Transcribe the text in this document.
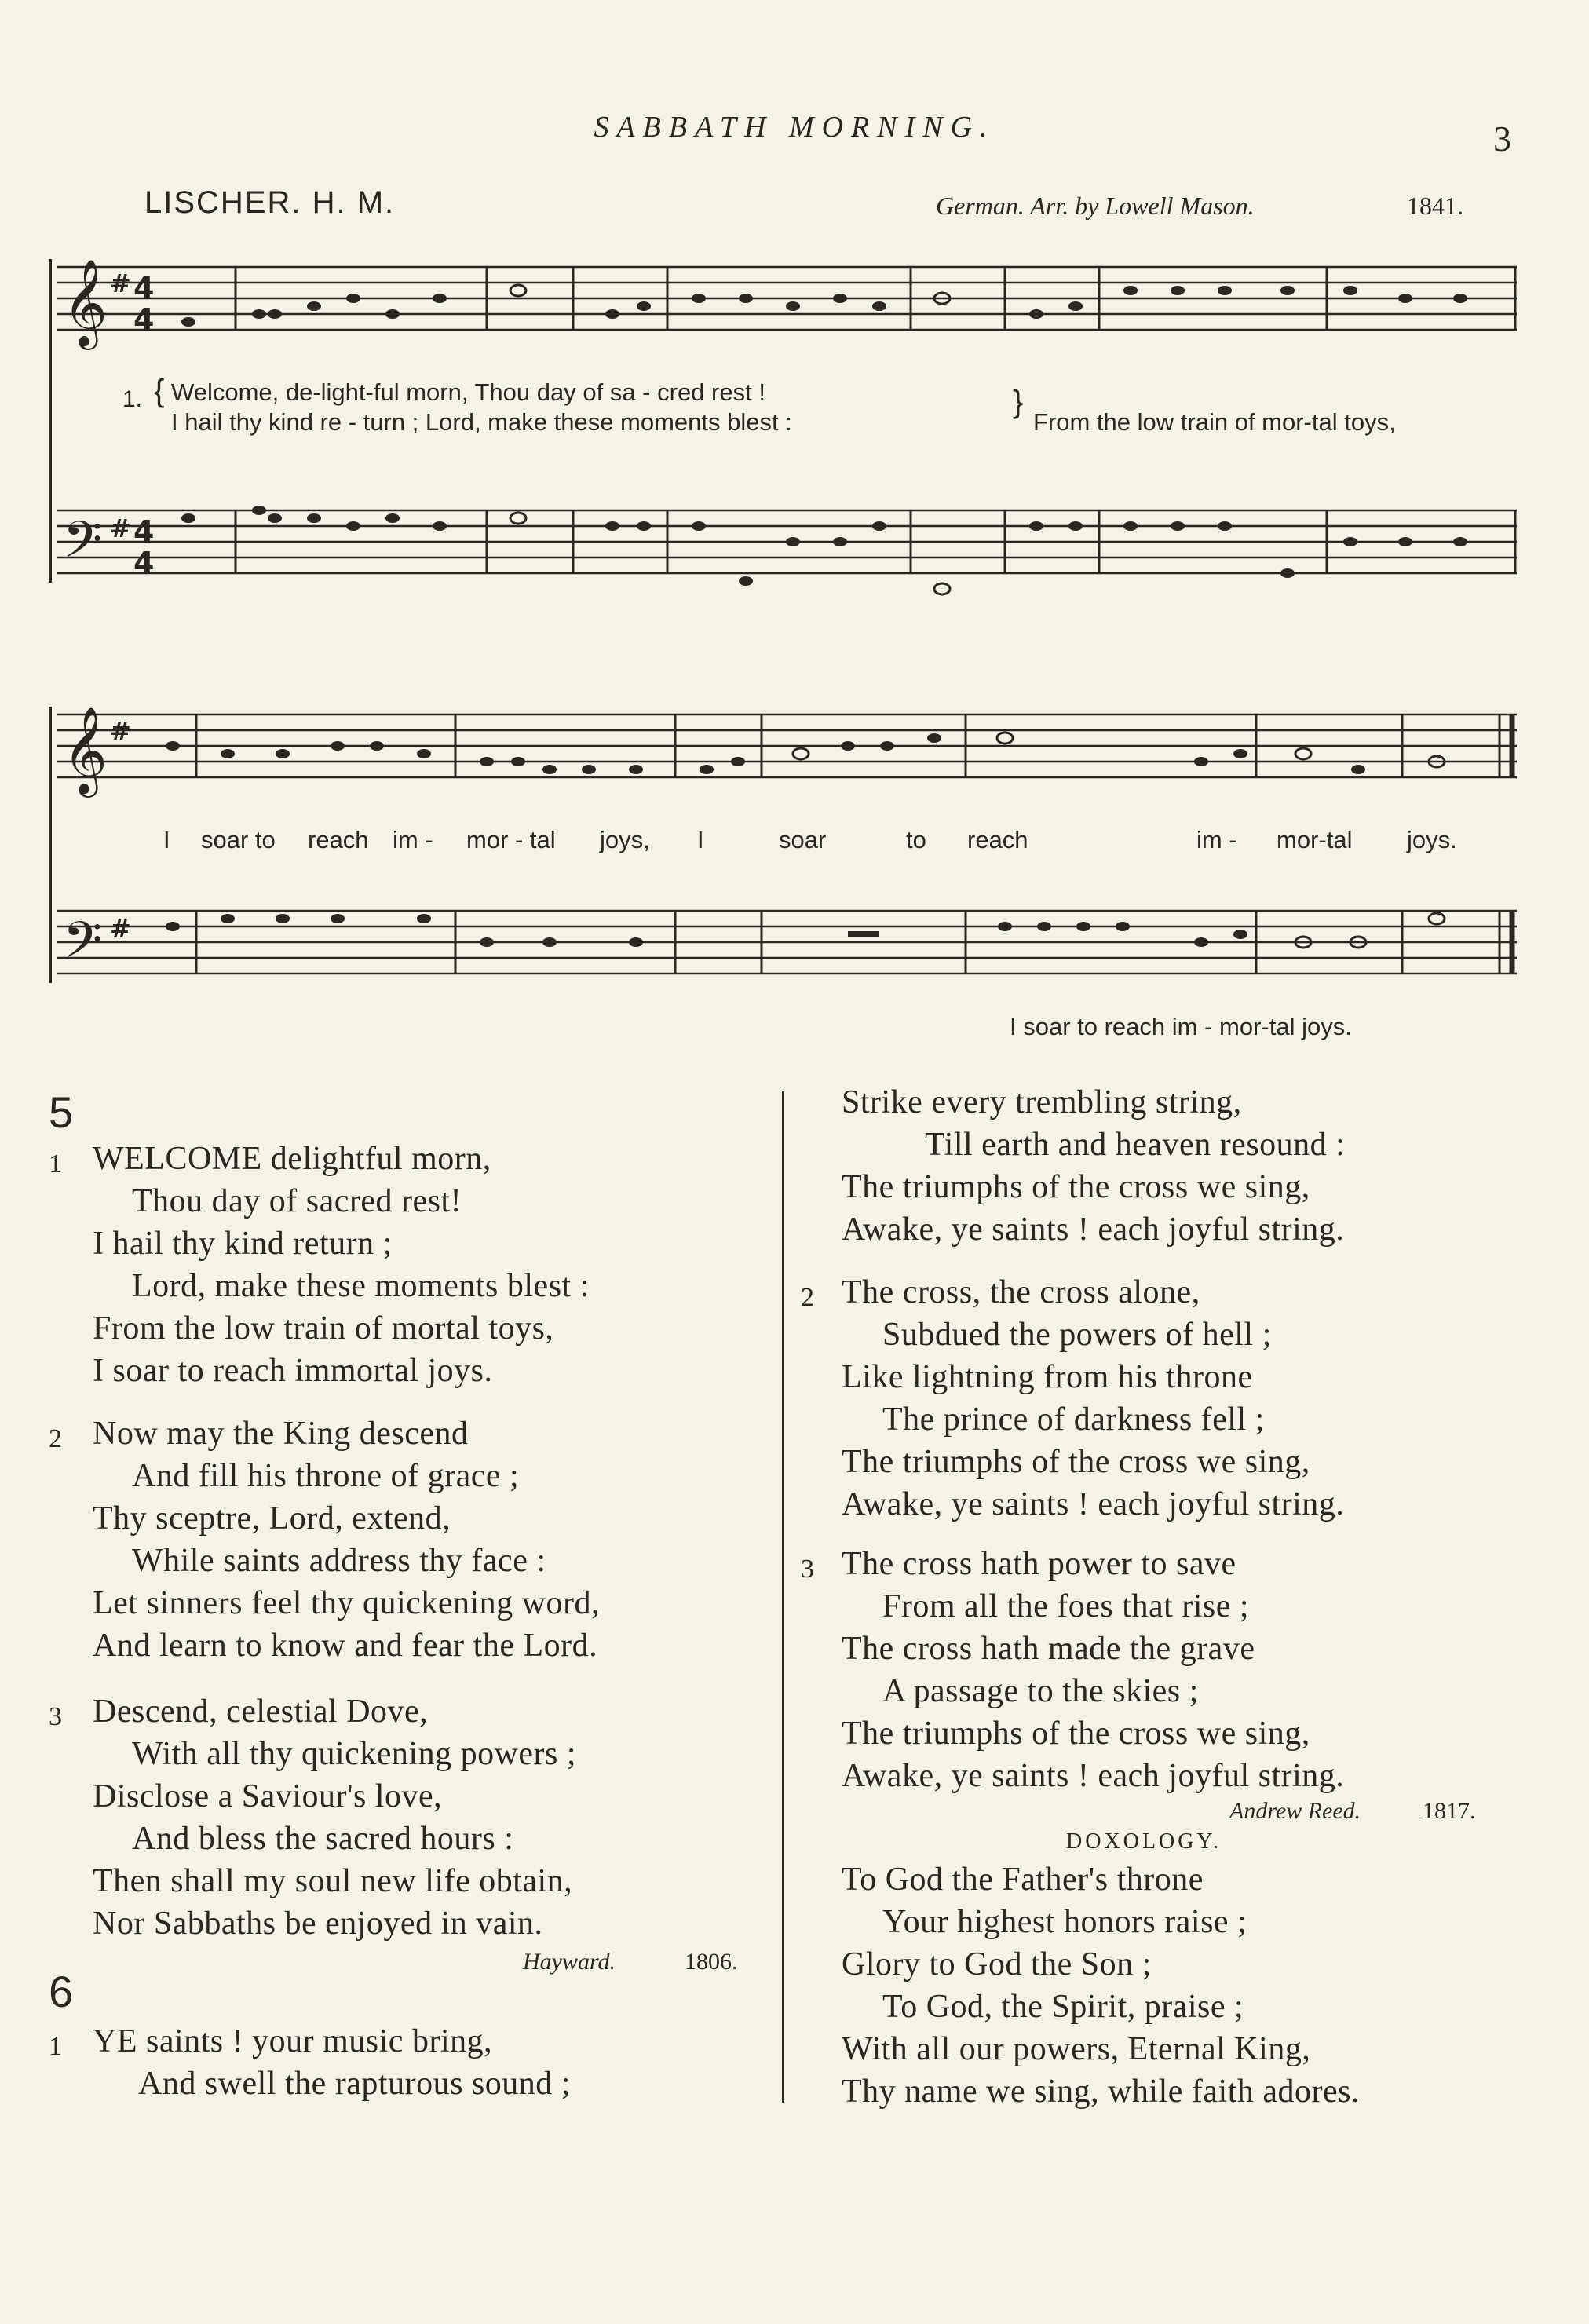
SABBATH MORNING.	3
LISCHER. H. M.	German. Arr. by Lowell Mason.	1841.
𝄞
𝄢
#
#
4
4
4
4
1. { Welcome, de-light-ful morn, Thou day of sa - cred rest !
I hail thy kind re - turn ; Lord, make these moments blest :
}
From the low train of mor-tal toys,
𝄞
𝄢
#
#
I soar to reach im - mor - tal joys, I	soar	to reach	im - mor-tal joys.
I soar to reach im - mor-tal joys.
5
1 WELCOME delightful morn,
Thou day of sacred rest!
I hail thy kind return ;
Lord, make these moments blest :
From the low train of mortal toys,
I soar to reach immortal joys.
2 Now may the King descend
And fill his throne of grace ;
Thy sceptre, Lord, extend,
While saints address thy face :
Let sinners feel thy quickening word,
And learn to know and fear the Lord.
3 Descend, celestial Dove,
With all thy quickening powers ;
Disclose a Saviour's love,
And bless the sacred hours :
Then shall my soul new life obtain,
Nor Sabbaths be enjoyed in vain.
Hayward.	1806.
6
1 YE saints ! your music bring,
And swell the rapturous sound ;
Strike every trembling string,
Till earth and heaven resound :
The triumphs of the cross we sing,
Awake, ye saints ! each joyful string.
2 The cross, the cross alone,
Subdued the powers of hell ;
Like lightning from his throne
The prince of darkness fell ;
The triumphs of the cross we sing,
Awake, ye saints ! each joyful string.
3 The cross hath power to save
From all the foes that rise ;
The cross hath made the grave
A passage to the skies ;
The triumphs of the cross we sing,
Awake, ye saints ! each joyful string.
Andrew Reed.	1817.
DOXOLOGY.
To God the Father's throne
Your highest honors raise ;
Glory to God the Son ;
To God, the Spirit, praise ;
With all our powers, Eternal King,
Thy name we sing, while faith adores.
